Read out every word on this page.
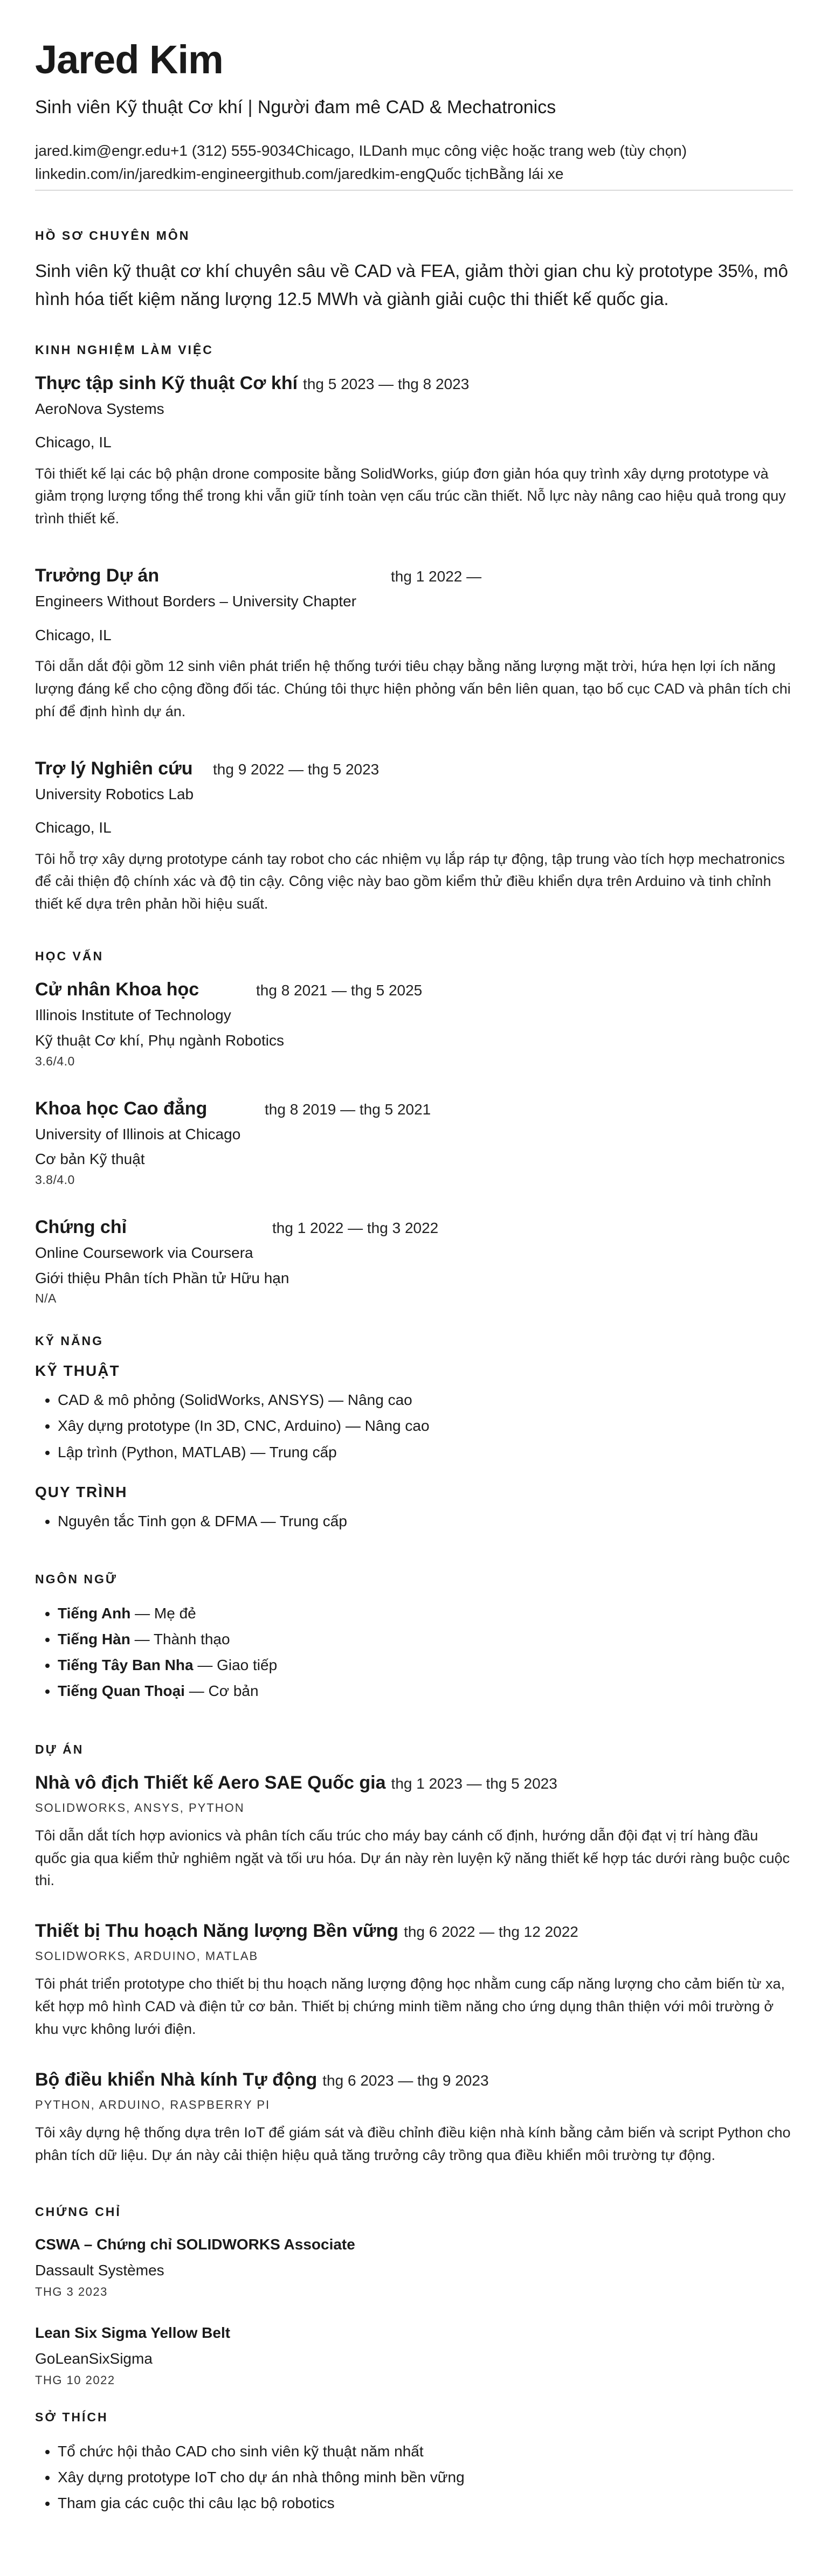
Jared Kim

Sinh viên Kỹ thuật Cơ khí | Người đam mê CAD & Mechatronics

jared.kim@engr.edu+1 (312) 555-9034Chicago, ILDanh mục công việc hoặc trang web (tùy chọn)
linkedin.com/in/jaredkim-engineergithub.com/jaredkim-engQuốc tịchBằng lái xe
HỒ SƠ CHUYÊN MÔN

Sinh viên kỹ thuật cơ khí chuyên sâu về CAD và FEA, giảm thời gian chu kỳ prototype 35%, mô hình hóa tiết kiệm năng lượng 12.5 MWh và giành giải cuộc thi thiết kế quốc gia.

KINH NGHIỆM LÀM VIỆC
Thực tập sinh Kỹ thuật Cơ khí thg 5 2023 — thg 8 2023
AeroNova Systems
Chicago, IL
Tôi thiết kế lại các bộ phận drone composite bằng SolidWorks, giúp đơn giản hóa quy trình xây dựng prototype và giảm trọng lượng tổng thể trong khi vẫn giữ tính toàn vẹn cấu trúc cần thiết. Nỗ lực này nâng cao hiệu quả trong quy trình thiết kế.
Trưởng Dự án	thg 1 2022 —
Engineers Without Borders – University Chapter
Chicago, IL
Tôi dẫn dắt đội gồm 12 sinh viên phát triển hệ thống tưới tiêu chạy bằng năng lượng mặt trời, hứa hẹn lợi ích năng lượng đáng kể cho cộng đồng đối tác. Chúng tôi thực hiện phỏng vấn bên liên quan, tạo bố cục CAD và phân tích chi phí để định hình dự án.
Trợ lý Nghiên cứu	thg 9 2022 — thg 5 2023
University Robotics Lab
Chicago, IL
Tôi hỗ trợ xây dựng prototype cánh tay robot cho các nhiệm vụ lắp ráp tự động, tập trung vào tích hợp mechatronics để cải thiện độ chính xác và độ tin cậy. Công việc này bao gồm kiểm thử điều khiển dựa trên Arduino và tinh chỉnh thiết kế dựa trên phản hồi hiệu suất.
HỌC VẤN
Cử nhân Khoa học	thg 8 2021 — thg 5 2025
Illinois Institute of Technology
Kỹ thuật Cơ khí, Phụ ngành Robotics
3.6/4.0
Khoa học Cao đẳng	thg 8 2019 — thg 5 2021
University of Illinois at Chicago
Cơ bản Kỹ thuật
3.8/4.0
Chứng chỉ	thg 1 2022 — thg 3 2022
Online Coursework via Coursera
Giới thiệu Phân tích Phần tử Hữu hạn
N/A
KỸ NĂNG
KỸ THUẬT
• CAD & mô phỏng (SolidWorks, ANSYS) — Nâng cao
• Xây dựng prototype (In 3D, CNC, Arduino) — Nâng cao
• Lập trình (Python, MATLAB) — Trung cấp
QUY TRÌNH
• Nguyên tắc Tinh gọn & DFMA — Trung cấp
NGÔN NGỮ
• Tiếng Anh — Mẹ đẻ
• Tiếng Hàn — Thành thạo
• Tiếng Tây Ban Nha — Giao tiếp
• Tiếng Quan Thoại — Cơ bản
DỰ ÁN
Nhà vô địch Thiết kế Aero SAE Quốc gia thg 1 2023 — thg 5 2023
SOLIDWORKS, ANSYS, PYTHON
Tôi dẫn dắt tích hợp avionics và phân tích cấu trúc cho máy bay cánh cố định, hướng dẫn đội đạt vị trí hàng đầu quốc gia qua kiểm thử nghiêm ngặt và tối ưu hóa. Dự án này rèn luyện kỹ năng thiết kế hợp tác dưới ràng buộc cuộc thi.
Thiết bị Thu hoạch Năng lượng Bền vững thg 6 2022 — thg 12 2022
SOLIDWORKS, ARDUINO, MATLAB
Tôi phát triển prototype cho thiết bị thu hoạch năng lượng động học nhằm cung cấp năng lượng cho cảm biến từ xa, kết hợp mô hình CAD và điện tử cơ bản. Thiết bị chứng minh tiềm năng cho ứng dụng thân thiện với môi trường ở khu vực không lưới điện.
Bộ điều khiển Nhà kính Tự động thg 6 2023 — thg 9 2023
PYTHON, ARDUINO, RASPBERRY PI
Tôi xây dựng hệ thống dựa trên IoT để giám sát và điều chỉnh điều kiện nhà kính bằng cảm biến và script Python cho phân tích dữ liệu. Dự án này cải thiện hiệu quả tăng trưởng cây trồng qua điều khiển môi trường tự động.
CHỨNG CHỈ
CSWA – Chứng chỉ SOLIDWORKS Associate
Dassault Systèmes
THG 3 2023
Lean Six Sigma Yellow Belt
GoLeanSixSigma
THG 10 2022
SỞ THÍCH
• Tổ chức hội thảo CAD cho sinh viên kỹ thuật năm nhất
• Xây dựng prototype IoT cho dự án nhà thông minh bền vững
• Tham gia các cuộc thi câu lạc bộ robotics
